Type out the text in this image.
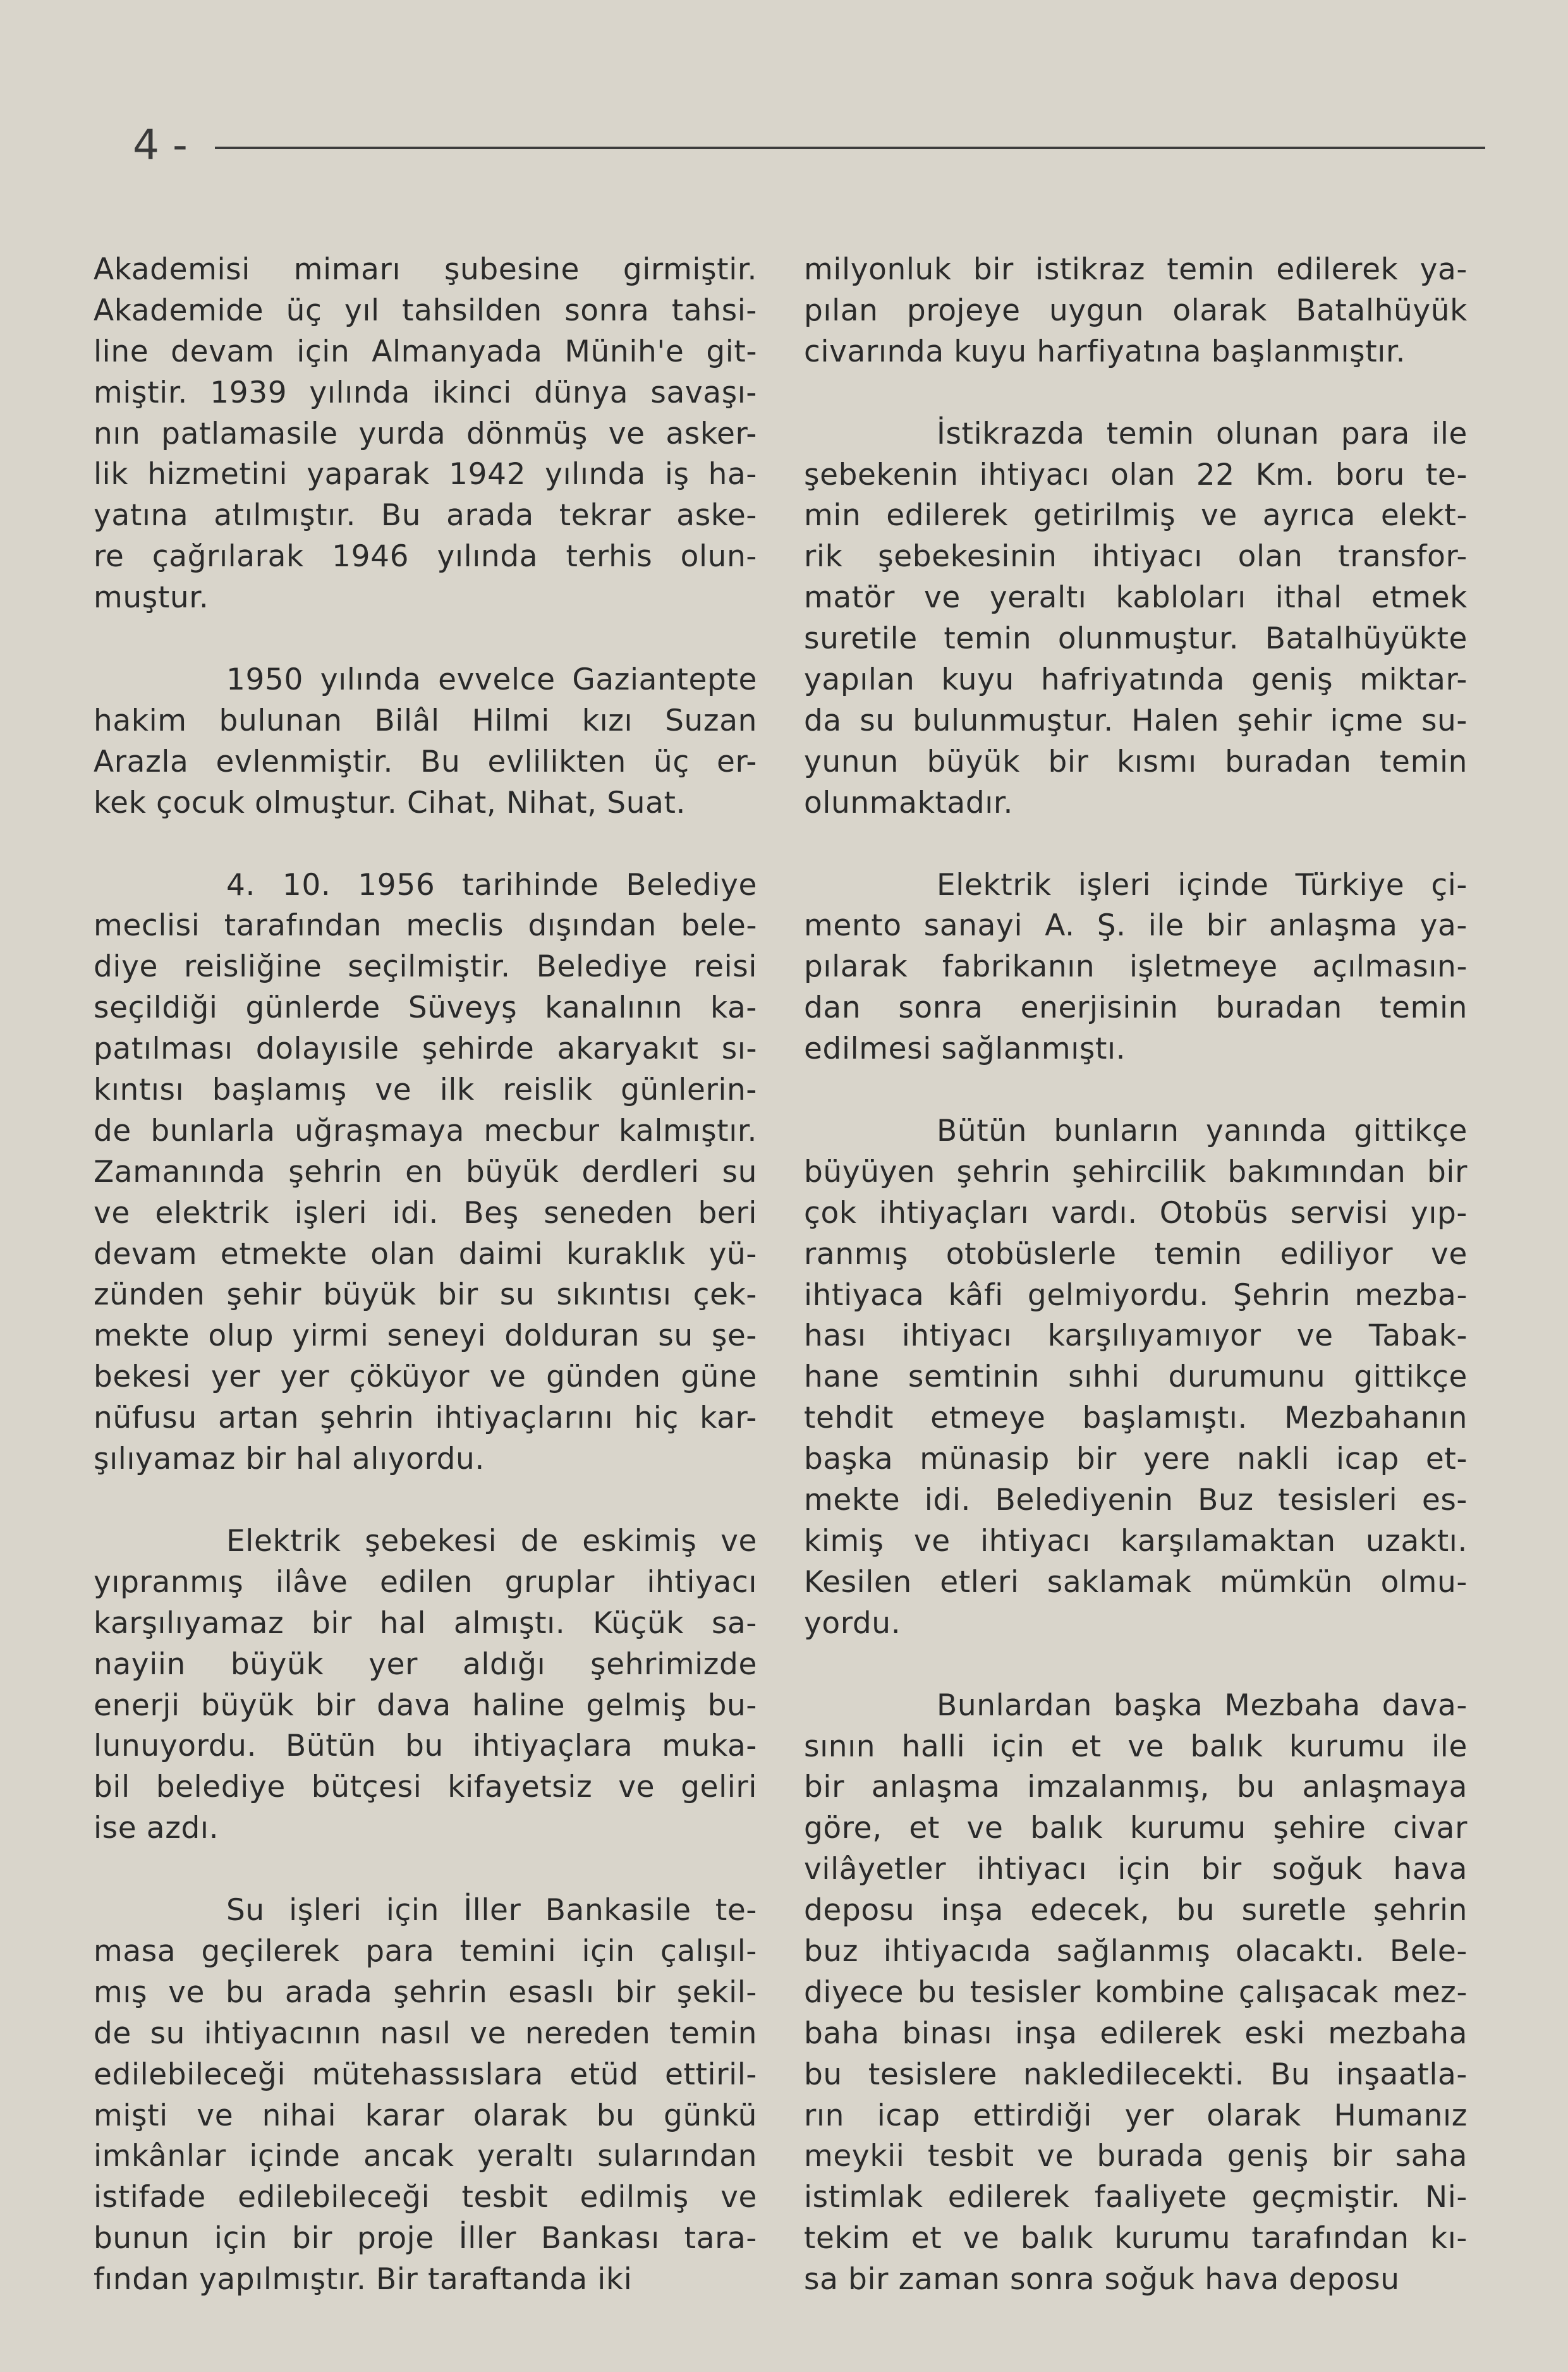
4 -
Akademisi mimarı şubesine girmiştir.
Akademide üç yıl tahsilden sonra tahsi-
line devam için Almanyada Münih'e git-
miştir. 1939 yılında ikinci dünya savaşı-
nın patlamasile yurda dönmüş ve asker-
lik hizmetini yaparak 1942 yılında iş ha-
yatına atılmıştır. Bu arada tekrar aske-
re çağrılarak 1946 yılında terhis olun-
muştur.
1950 yılında evvelce Gaziantepte
hakim bulunan Bilâl Hilmi kızı Suzan
Arazla evlenmiştir. Bu evlilikten üç er-
kek çocuk olmuştur. Cihat, Nihat, Suat.
4. 10. 1956 tarihinde Belediye
meclisi tarafından meclis dışından bele-
diye reisliğine seçilmiştir. Belediye reisi
seçildiği günlerde Süveyş kanalının ka-
patılması dolayısile şehirde akaryakıt sı-
kıntısı başlamış ve ilk reislik günlerin-
de bunlarla uğraşmaya mecbur kalmıştır.
Zamanında şehrin en büyük derdleri su
ve elektrik işleri idi. Beş seneden beri
devam etmekte olan daimi kuraklık yü-
zünden şehir büyük bir su sıkıntısı çek-
mekte olup yirmi seneyi dolduran su şe-
bekesi yer yer çöküyor ve günden güne
nüfusu artan şehrin ihtiyaçlarını hiç kar-
şılıyamaz bir hal alıyordu.
Elektrik şebekesi de eskimiş ve
yıpranmış ilâve edilen gruplar ihtiyacı
karşılıyamaz bir hal almıştı. Küçük sa-
nayiin büyük yer aldığı şehrimizde
enerji büyük bir dava haline gelmiş bu-
lunuyordu. Bütün bu ihtiyaçlara muka-
bil belediye bütçesi kifayetsiz ve geliri
ise azdı.
Su işleri için İller Bankasile te-
masa geçilerek para temini için çalışıl-
mış ve bu arada şehrin esaslı bir şekil-
de su ihtiyacının nasıl ve nereden temin
edilebileceği mütehassıslara etüd ettiril-
mişti ve nihai karar olarak bu günkü
imkânlar içinde ancak yeraltı sularından
istifade edilebileceği tesbit edilmiş ve
bunun için bir proje İller Bankası tara-
fından yapılmıştır. Bir taraftanda iki
milyonluk bir istikraz temin edilerek ya-
pılan projeye uygun olarak Batalhüyük
civarında kuyu harfiyatına başlanmıştır.
İstikrazda temin olunan para ile
şebekenin ihtiyacı olan 22 Km. boru te-
min edilerek getirilmiş ve ayrıca elekt-
rik şebekesinin ihtiyacı olan transfor-
matör ve yeraltı kabloları ithal etmek
suretile temin olunmuştur. Batalhüyükte
yapılan kuyu hafriyatında geniş miktar-
da su bulunmuştur. Halen şehir içme su-
yunun büyük bir kısmı buradan temin
olunmaktadır.
Elektrik işleri içinde Türkiye çi-
mento sanayi A. Ş. ile bir anlaşma ya-
pılarak fabrikanın işletmeye açılmasın-
dan sonra enerjisinin buradan temin
edilmesi sağlanmıştı.
Bütün bunların yanında gittikçe
büyüyen şehrin şehircilik bakımından bir
çok ihtiyaçları vardı. Otobüs servisi yıp-
ranmış otobüslerle temin ediliyor ve
ihtiyaca kâfi gelmiyordu. Şehrin mezba-
hası ihtiyacı karşılıyamıyor ve Tabak-
hane semtinin sıhhi durumunu gittikçe
tehdit etmeye başlamıştı. Mezbahanın
başka münasip bir yere nakli icap et-
mekte idi. Belediyenin Buz tesisleri es-
kimiş ve ihtiyacı karşılamaktan uzaktı.
Kesilen etleri saklamak mümkün olmu-
yordu.
Bunlardan başka Mezbaha dava-
sının halli için et ve balık kurumu ile
bir anlaşma imzalanmış, bu anlaşmaya
göre, et ve balık kurumu şehire civar
vilâyetler ihtiyacı için bir soğuk hava
deposu inşa edecek, bu suretle şehrin
buz ihtiyacıda sağlanmış olacaktı. Bele-
diyece bu tesisler kombine çalışacak mez-
baha binası inşa edilerek eski mezbaha
bu tesislere nakledilecekti. Bu inşaatla-
rın icap ettirdiği yer olarak Humanız
meykii tesbit ve burada geniş bir saha
istimlak edilerek faaliyete geçmiştir. Ni-
tekim et ve balık kurumu tarafından kı-
sa bir zaman sonra soğuk hava deposu
